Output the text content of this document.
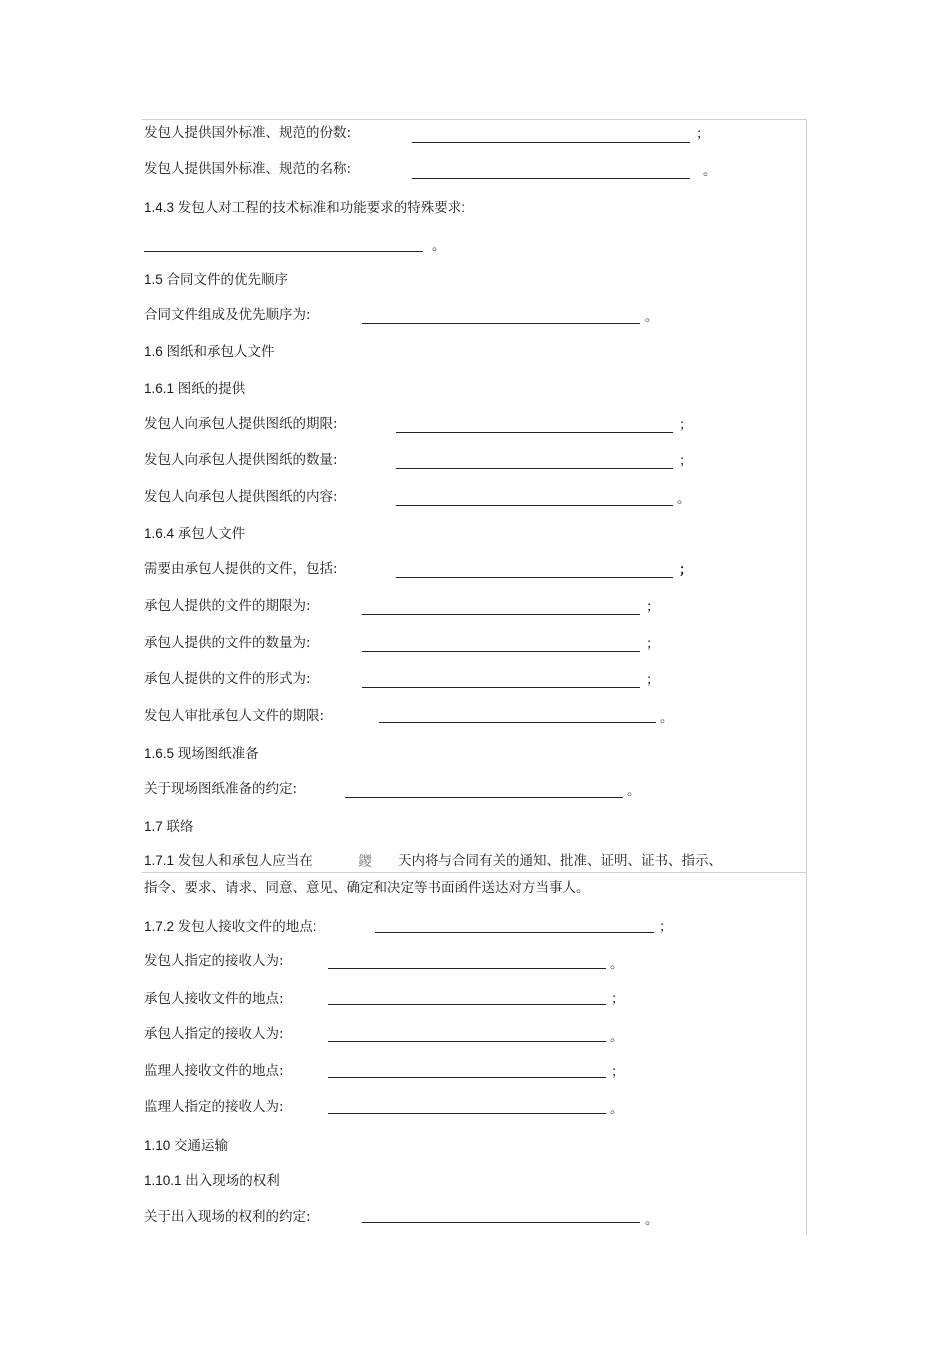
发包人提供国外标准、规范的份数:	；
发包人提供国外标准、规范的名称:	。
1.4.3 发包人对工程的技术标准和功能要求的特殊要求:
。
1.5 合同文件的优先顺序
合同文件组成及优先顺序为:	。
1.6 图纸和承包人文件
1.6.1 图纸的提供
发包人向承包人提供图纸的期限:	；
发包人向承包人提供图纸的数量:	；
发包人向承包人提供图纸的内容:	。
1.6.4 承包人文件
需要由承包人提供的文件，包括:	；
承包人提供的文件的期限为:	；
承包人提供的文件的数量为:	；
承包人提供的文件的形式为:	；
发包人审批承包人文件的期限:	。
1.6.5 现场图纸准备
关于现场图纸准备的约定:	。
1.7 联络
1.7.1 发包人和承包人应当在	鑁 天内将与合同有关的通知、批准、证明、证书、指示、
指令、要求、请求、同意、意见、确定和决定等书面函件送达对方当事人。
1.7.2 发包人接收文件的地点:	；
发包人指定的接收人为:	。
承包人接收文件的地点:	；
承包人指定的接收人为:	。
监理人接收文件的地点:	；
监理人指定的接收人为:	。
1.10 交通运输
1.10.1 出入现场的权利
关于出入现场的权利的约定:	。
